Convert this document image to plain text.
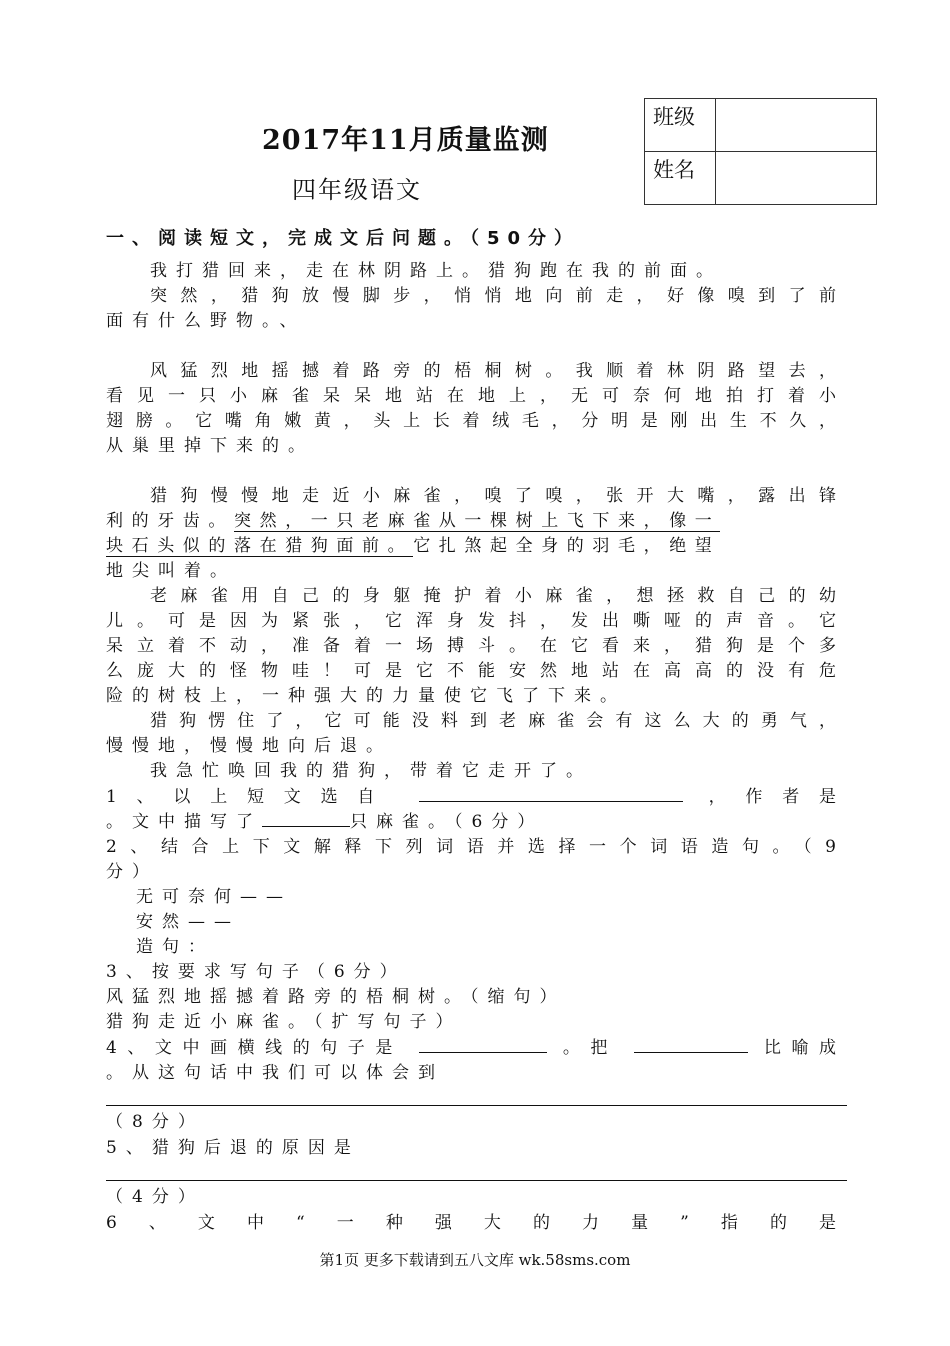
2017年11月质量监测
四年级语文
班级	
姓名	
一、阅读短文，完成文后问题。（50分）
我打猎回来，走在林阴路上。猎狗跑在我的前面。
突然，猎狗放慢脚步，悄悄地向前走，好像嗅到了前
面有什么野物。、
风猛烈地摇撼着路旁的梧桐树。我顺着林阴路望去，
看见一只小麻雀呆呆地站在地上，无可奈何地拍打着小
翅膀。它嘴角嫩黄，头上长着绒毛，分明是刚出生不久，
从巢里掉下来的。
猎狗慢慢地走近小麻雀，嗅了嗅，张开大嘴，露出锋
利的牙齿。突然，一只老麻雀从一棵树上飞下来，像一
块石头似的落在猎狗面前。它扎煞起全身的羽毛，绝望
地尖叫着。
老麻雀用自己的身躯掩护着小麻雀，想拯救自己的幼
儿。可是因为紧张，它浑身发抖，发出嘶哑的声音。它
呆立着不动，准备着一场搏斗。在它看来，猎狗是个多
么庞大的怪物哇！可是它不能安然地站在高高的没有危
险的树枝上，一种强大的力量使它飞了下来。
猎狗愣住了，它可能没料到老麻雀会有这么大的勇气，
慢慢地，慢慢地向后退。
我急忙唤回我的猎狗，带着它走开了。
1、以上短文选自	，作者是
。文中描写了	只麻雀。（6分）
2、结合上下文解释下列词语并选择一个词语造句。（9
分）
无可奈何——
安然——
造句：
3、按要求写句子（6分）
风猛烈地摇撼着路旁的梧桐树。（缩句）
猎狗走近小麻雀。（扩写句子）
4、文中画横线的句子是	。把	比喻成
。从这句话中我们可以体会到
（8分）
5、猎狗后退的原因是
（4分）
6、文中“一种强大的力量”指的是
第1页 更多下载请到五八文库 wk.58sms.com
